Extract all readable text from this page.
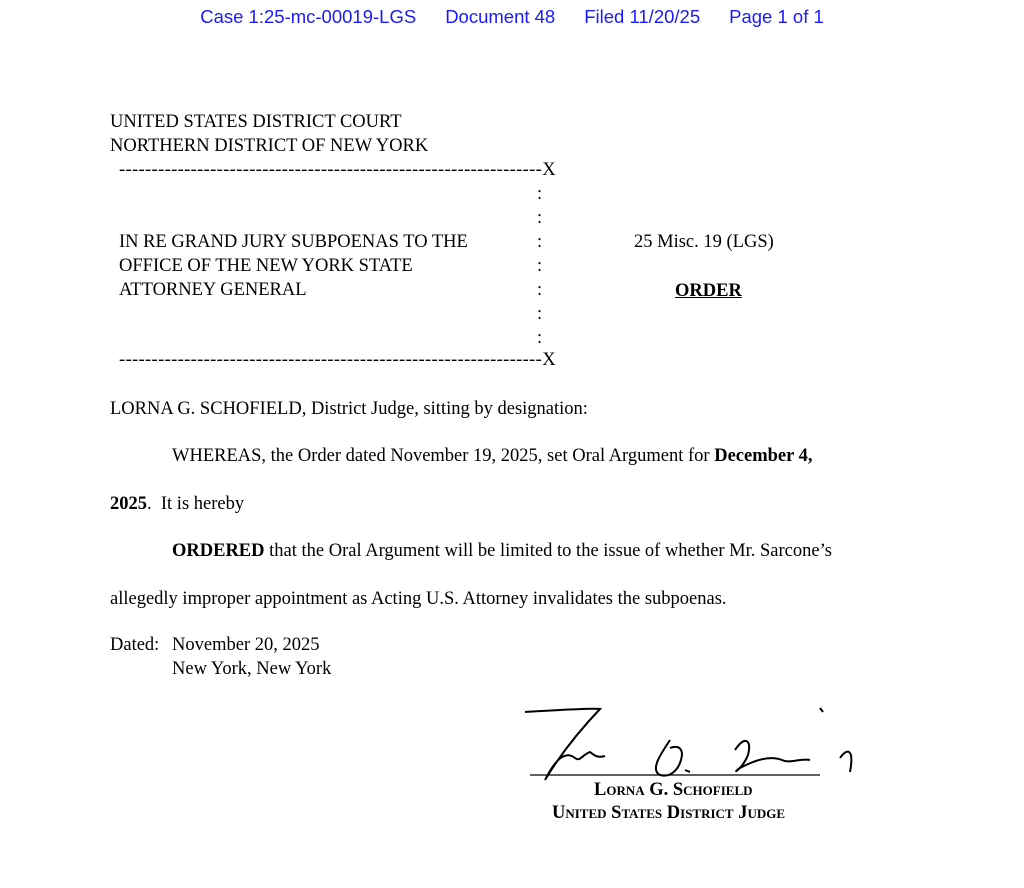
Case 1:25-mc-00019-LGS Document 48 Filed 11/20/25 Page 1 of 1
UNITED STATES DISTRICT COURT
NORTHERN DISTRICT OF NEW YORK
-----------------------------------------------------------------X
:
:
:
:
:
:
:
IN RE GRAND JURY SUBPOENAS TO THE
OFFICE OF THE NEW YORK STATE
ATTORNEY GENERAL
25 Misc. 19 (LGS)
ORDER
-----------------------------------------------------------------X
LORNA G. SCHOFIELD, District Judge, sitting by designation:
WHEREAS, the Order dated November 19, 2025, set Oral Argument for December 4,
2025.  It is hereby
ORDERED that the Oral Argument will be limited to the issue of whether Mr. Sarcone’s
allegedly improper appointment as Acting U.S. Attorney invalidates the subpoenas.
Dated: November 20, 2025
New York, New York
Lorna G. Schofield
United States District Judge
